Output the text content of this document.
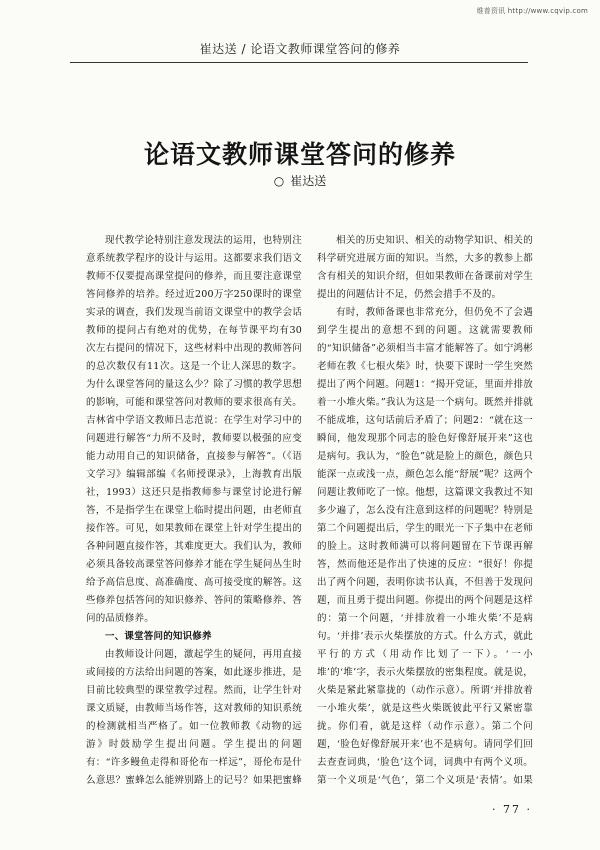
维普资讯 http://www.cqvip.com
崔达送 / 论语文教师课堂答问的修养
论语文教师课堂答问的修养
○ 崔达送

现代教学论特别注意发现法的运用，也特别注意系统教学程序的设计与运用。这都要求我们语文教师不仅要提高课堂提问的修养，而且要注意课堂答问修养的培养。经过近200万字250课时的课堂实录的调查，我们发现当前语文课堂中的教学会话教师的提问占有绝对的优势，在每节课平均有30次左右提问的情况下，这些材料中出现的教师答问的总次数仅有11次。这是一个让人深思的数字。为什么课堂答问的量这么少？除了习惯的教学思想的影响，可能和课堂答问对教师的要求很高有关。吉林省中学语文教师吕志范说：在学生对学习中的问题进行解答“力所不及时，教师要以极强的应变能力动用自己的知识储备，直接参与解答”。（《语文学习》编辑部编《名师授课录》，上海教育出版社，1993）这还只是指教师参与课堂讨论进行解答，不是指学生在课堂上临时提出问题，由老师直接作答。可见，如果教师在课堂上针对学生提出的各种问题直接作答，其难度更大。我们认为，教师必须具备较高课堂答问修养才能在学生疑问丛生时给予高信息度、高准确度、高可接受度的解答。这些修养包括答问的知识修养、答问的策略修养、答问的品质修养。

一、课堂答问的知识修养

由教师设计问题，激起学生的疑问，再用直接或间接的方法给出问题的答案，如此逐步推进，是目前比较典型的课堂教学过程。然而，让学生针对课文质疑，由教师当场作答，这对教师的知识系统的检测就相当严格了。如一位教师教《动物的远游》时鼓励学生提出问题。学生提出的问题有：“许多鳗鱼走得和哥伦布一样远”，哥伦布是什么意思？蜜蜂怎么能辨别路上的记号？如果把蜜蜂

相关的历史知识、相关的动物学知识、相关的科学研究进展方面的知识。当然，大多的教参上都含有相关的知识介绍，但如果教师在备课前对学生提出的问题估计不足，仍然会措手不及的。

有时，教师备课也非常充分，但仍免不了会遇到学生提出的意想不到的问题。这就需要教师的“知识储备”必须相当丰富才能解答了。如宁鸿彬老师在教《七根火柴》时，快要下课时一学生突然提出了两个问题。问题1：“揭开党证，里面并排放着一小堆火柴。”我认为这是一个病句。既然并排就不能成堆，这句话前后矛盾了；问题2：“就在这一瞬间，他发现那个同志的脸色好像舒展开来”这也是病句。我认为，“脸色”就是脸上的颜色，颜色只能深一点或浅一点，颜色怎么能“舒展”呢？这两个问题让教师吃了一惊。他想，这篇课文我教过不知多少遍了，怎么没有注意到这样的问题呢？特别是第二个问题提出后，学生的眼光一下子集中在老师的脸上。这时教师满可以将问题留在下节课再解答，然而他还是作出了快速的反应：“很好！你提出了两个问题，表明你读书认真，不但善于发现问题，而且勇于提出问题。你提出的两个问题是这样的：第一个问题，‘并排放着一小堆火柴’不是病句。‘并排’表示火柴摆放的方式。什么方式，就此平行的方式（用动作比划了一下）。‘一小堆’的‘堆’字，表示火柴摆放的密集程度。就是说，火柴是紧此紧靠拢的（动作示意）。所谓‘并排放着一小堆火柴’，就是这些火柴既彼此平行又紧密靠拢。你们看，就是这样（动作示意）。第二个问题，‘脸色好像舒展开来’也不是病句。请同学们回去查查词典，‘脸色’这个词，词典中有两个义项。第一个义项是‘气色’，第二个义项是‘表情’。如果

· 77 ·
